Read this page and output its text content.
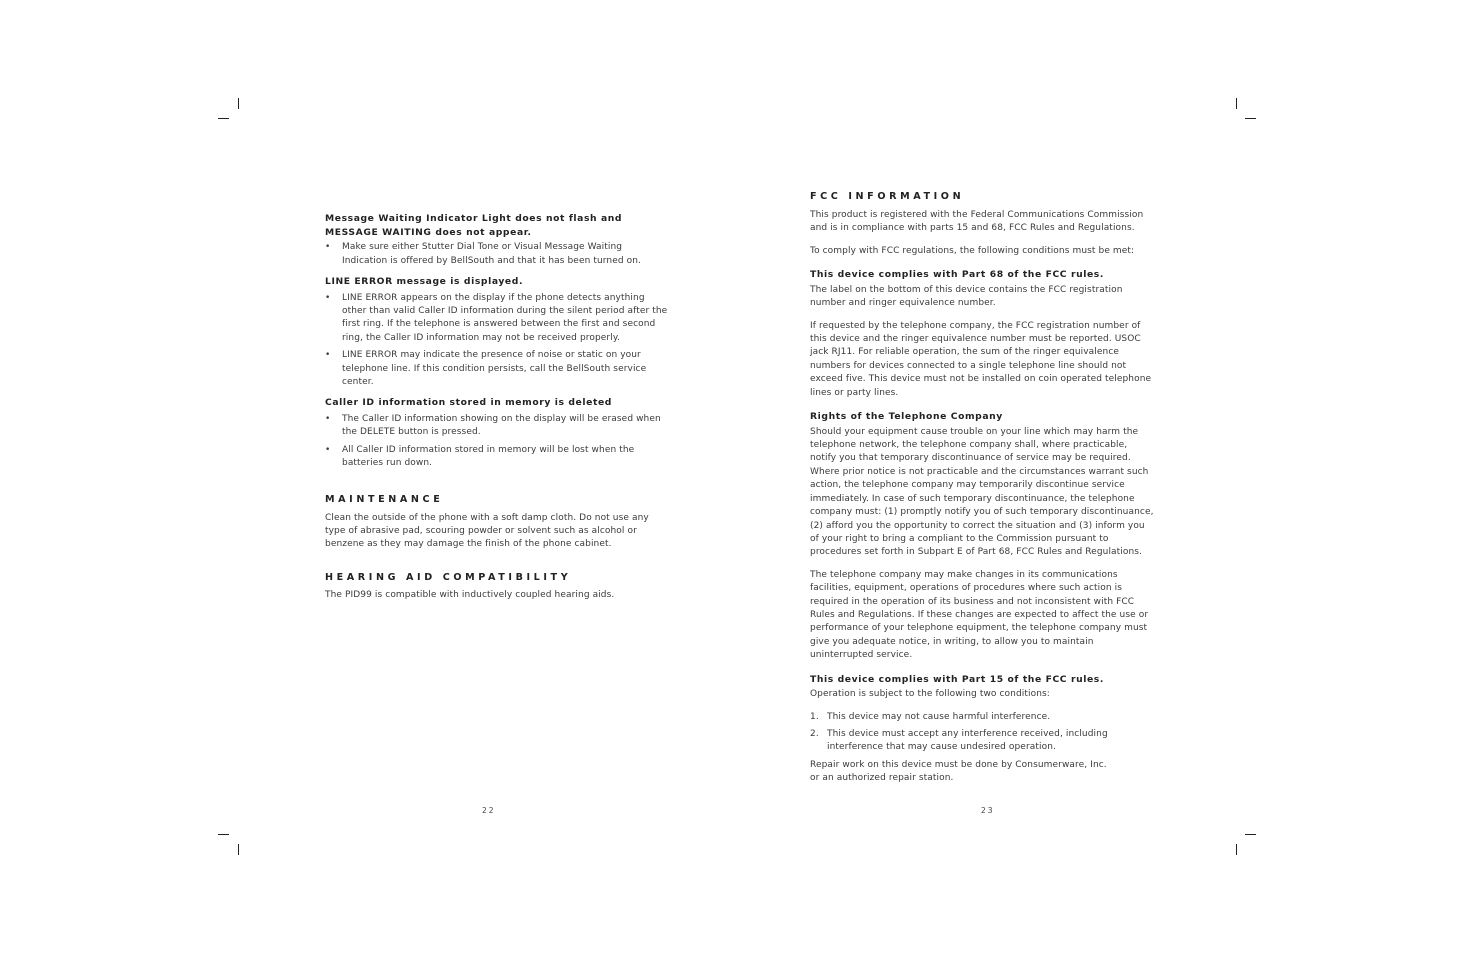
Message Waiting Indicator Light does not flash and MESSAGE WAITING does not appear.
• Make sure either Stutter Dial Tone or Visual Message Waiting Indication is offered by BellSouth and that it has been turned on.
LINE ERROR message is displayed.
• LINE ERROR appears on the display if the phone detects anything other than valid Caller ID information during the silent period after the first ring. If the telephone is answered between the first and second ring, the Caller ID information may not be received properly.
• LINE ERROR may indicate the presence of noise or static on your telephone line. If this condition persists, call the BellSouth service center.
Caller ID information stored in memory is deleted
• The Caller ID information showing on the display will be erased when the DELETE button is pressed.
• All Caller ID information stored in memory will be lost when the batteries run down.
MAINTENANCE

Clean the outside of the phone with a soft damp cloth. Do not use any type of abrasive pad, scouring powder or solvent such as alcohol or benzene as they may damage the finish of the phone cabinet.

HEARING AID COMPATIBILITY

The PID99 is compatible with inductively coupled hearing aids.

22
FCC INFORMATION

This product is registered with the Federal Communications Commission and is in compliance with parts 15 and 68, FCC Rules and Regulations.

To comply with FCC regulations, the following conditions must be met:

This device complies with Part 68 of the FCC rules.

The label on the bottom of this device contains the FCC registration number and ringer equivalence number.

If requested by the telephone company, the FCC registration number of this device and the ringer equivalence number must be reported. USOC jack RJ11. For reliable operation, the sum of the ringer equivalence numbers for devices connected to a single telephone line should not exceed five. This device must not be installed on coin operated telephone lines or party lines.

Rights of the Telephone Company

Should your equipment cause trouble on your line which may harm the telephone network, the telephone company shall, where practicable, notify you that temporary discontinuance of service may be required. Where prior notice is not practicable and the circumstances warrant such action, the telephone company may temporarily discontinue service immediately. In case of such temporary discontinuance, the telephone company must: (1) promptly notify you of such temporary discontinuance, (2) afford you the opportunity to correct the situation and (3) inform you of your right to bring a compliant to the Commission pursuant to procedures set forth in Subpart E of Part 68, FCC Rules and Regulations.

The telephone company may make changes in its communications facilities, equipment, operations of procedures where such action is required in the operation of its business and not inconsistent with FCC Rules and Regulations. If these changes are expected to affect the use or performance of your telephone equipment, the telephone company must give you adequate notice, in writing, to allow you to maintain uninterrupted service.

This device complies with Part 15 of the FCC rules.

Operation is subject to the following two conditions:

1. This device may not cause harmful interference.
2. This device must accept any interference received, including interference that may cause undesired operation.

Repair work on this device must be done by Consumerware, Inc.
or an authorized repair station.

23
